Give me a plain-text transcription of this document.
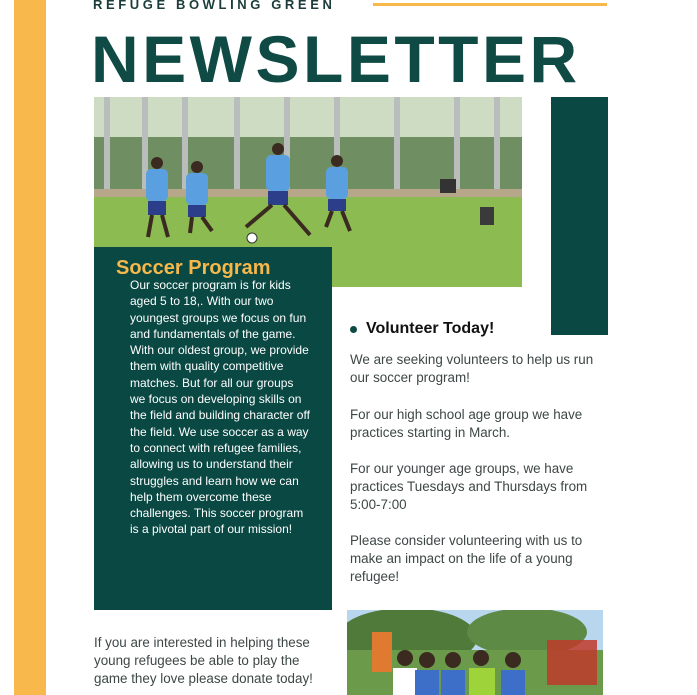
REFUGE BOWLING GREEN
NEWSLETTER
Soccer Program

Our soccer program is for kids aged 5 to 18,. With our two youngest groups we focus on fun and fundamentals of the game. With our oldest group, we provide them with quality competitive matches. But for all our groups we focus on developing skills on the field and building character off the field. We use soccer as a way to connect with refugee families, allowing us to understand their struggles and learn how we can help them overcome these challenges. This soccer program is a pivotal part of our mission!

Volunteer Today!

We are seeking volunteers to help us run our soccer program!

For our high school age group we have practices starting in March.

For our younger age groups, we have practices Tuesdays and Thursdays from 5:00-7:00

Please consider volunteering with us to make an impact on the life of a young refugee!

If you are interested in helping these young refugees be able to play the game they love please donate today!
